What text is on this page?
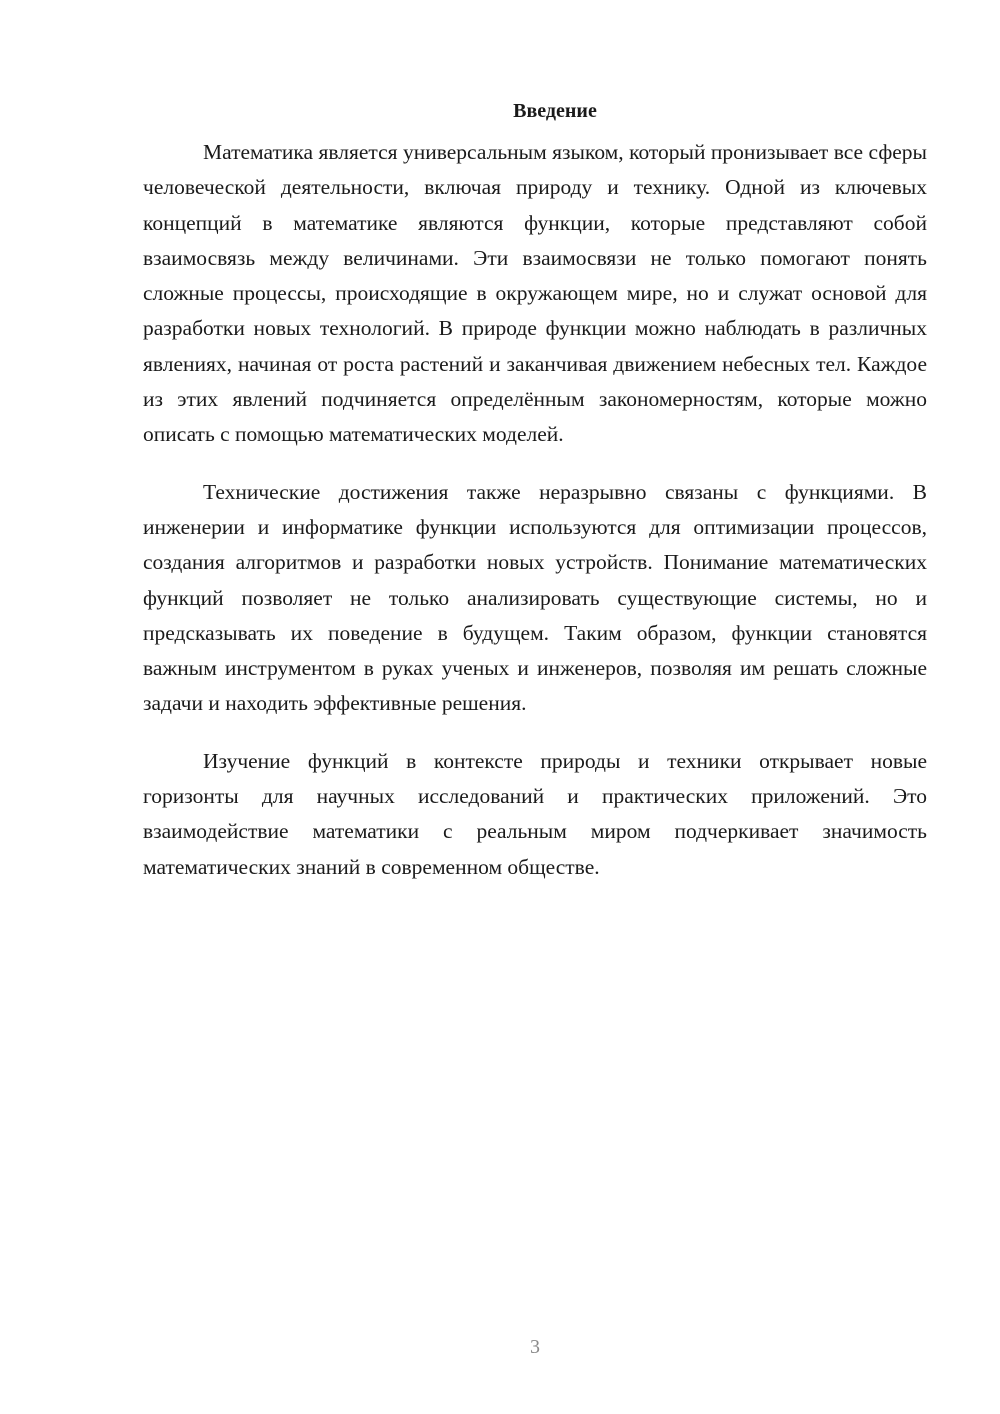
Введение

Математика является универсальным языком, который пронизывает все сферы человеческой деятельности, включая природу и технику. Одной из ключевых концепций в математике являются функции, которые представляют собой взаимосвязь между величинами. Эти взаимосвязи не только помогают понять сложные процессы, происходящие в окружающем мире, но и служат основой для разработки новых технологий. В природе функции можно наблюдать в различных явлениях, начиная от роста растений и заканчивая движением небесных тел. Каждое из этих явлений подчиняется определённым закономерностям, которые можно описать с помощью математических моделей.

Технические достижения также неразрывно связаны с функциями. В инженерии и информатике функции используются для оптимизации процессов, создания алгоритмов и разработки новых устройств. Понимание математических функций позволяет не только анализировать существующие системы, но и предсказывать их поведение в будущем. Таким образом, функции становятся важным инструментом в руках ученых и инженеров, позволяя им решать сложные задачи и находить эффективные решения.

Изучение функций в контексте природы и техники открывает новые горизонты для научных исследований и практических приложений. Это взаимодействие математики с реальным миром подчеркивает значимость математических знаний в современном обществе.

3
